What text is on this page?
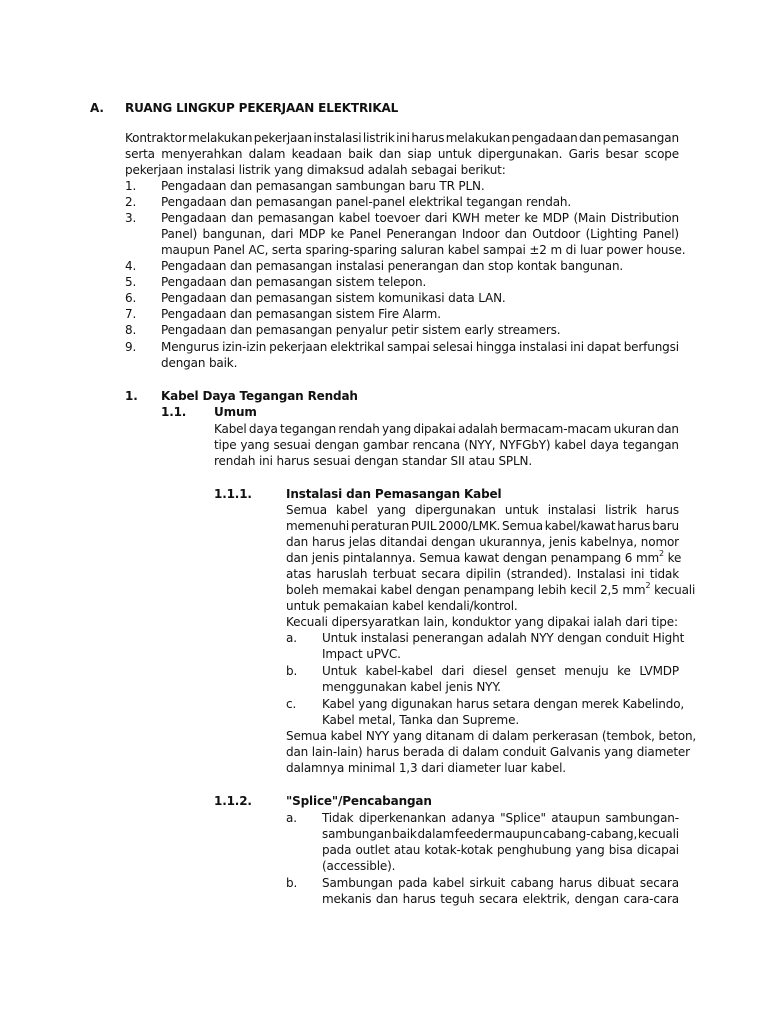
A. RUANG LINGKUP PEKERJAAN ELEKTRIKAL
Kontraktor melakukan pekerjaan instalasi listrik ini harus melakukan pengadaan dan pemasangan
serta menyerahkan dalam keadaan baik dan siap untuk dipergunakan. Garis besar scope
pekerjaan instalasi listrik yang dimaksud adalah sebagai berikut:
1. Pengadaan dan pemasangan sambungan baru TR PLN.
2. Pengadaan dan pemasangan panel-panel elektrikal tegangan rendah.
3. Pengadaan dan pemasangan kabel toevoer dari KWH meter ke MDP (Main Distribution
Panel) bangunan, dari MDP ke Panel Penerangan Indoor dan Outdoor (Lighting Panel)
maupun Panel AC, serta sparing-sparing saluran kabel sampai ±2 m di luar power house.
4. Pengadaan dan pemasangan instalasi penerangan dan stop kontak bangunan.
5. Pengadaan dan pemasangan sistem telepon.
6. Pengadaan dan pemasangan sistem komunikasi data LAN.
7. Pengadaan dan pemasangan sistem Fire Alarm.
8. Pengadaan dan pemasangan penyalur petir sistem early streamers.
9. Mengurus izin-izin pekerjaan elektrikal sampai selesai hingga instalasi ini dapat berfungsi
dengan baik.
1. Kabel Daya Tegangan Rendah
1.1. Umum
Kabel daya tegangan rendah yang dipakai adalah bermacam-macam ukuran dan
tipe yang sesuai dengan gambar rencana (NYY, NYFGbY) kabel daya tegangan
rendah ini harus sesuai dengan standar SII atau SPLN.
1.1.1.	Instalasi dan Pemasangan Kabel
Semua kabel yang dipergunakan untuk instalasi listrik harus
memenuhi peraturan PUIL 2000/LMK. Semua kabel/kawat harus baru
dan harus jelas ditandai dengan ukurannya, jenis kabelnya, nomor
dan jenis pintalannya. Semua kawat dengan penampang 6 $mm^2$ ke
atas haruslah terbuat secara dipilin (stranded). Instalasi ini tidak
boleh memakai kabel dengan penampang lebih kecil 2,5 $mm^2$ kecuali
untuk pemakaian kabel kendali/kontrol.
Kecuali dipersyaratkan lain, konduktor yang dipakai ialah dari tipe:
a. Untuk instalasi penerangan adalah NYY dengan conduit Hight
Impact uPVC.
b. Untuk kabel-kabel dari diesel genset menuju ke LVMDP
menggunakan kabel jenis NYY.
c. Kabel yang digunakan harus setara dengan merek Kabelindo,
Kabel metal, Tanka dan Supreme.
Semua kabel NYY yang ditanam di dalam perkerasan (tembok, beton,
dan lain-lain) harus berada di dalam conduit Galvanis yang diameter
dalamnya minimal 1,3 dari diameter luar kabel.
1.1.2.	"Splice"/Pencabangan
a. Tidak diperkenankan adanya "Splice" ataupun sambungan-
sambungan baik dalam feeder maupun cabang-cabang, kecuali
pada outlet atau kotak-kotak penghubung yang bisa dicapai
(accessible).
b. Sambungan pada kabel sirkuit cabang harus dibuat secara
mekanis dan harus teguh secara elektrik, dengan cara-cara
